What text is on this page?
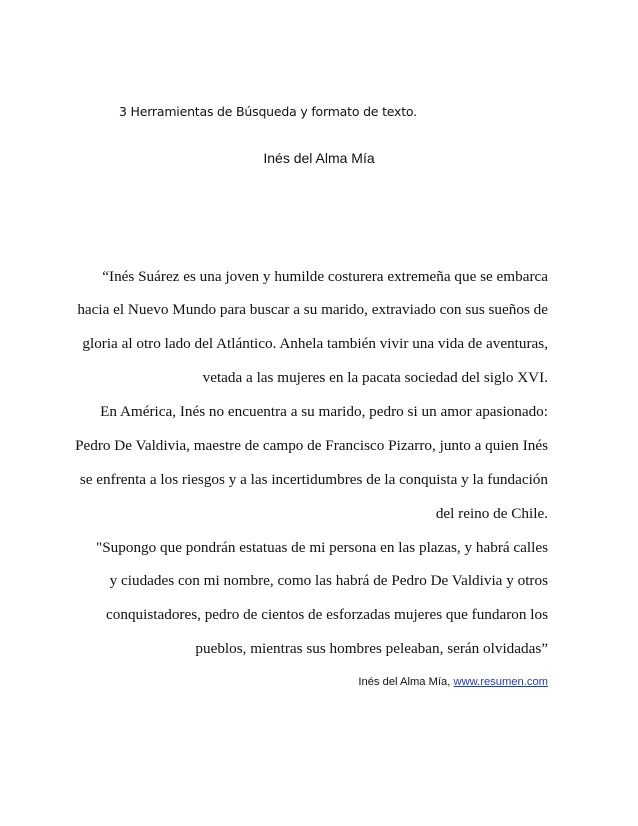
3 Herramientas de Búsqueda y formato de texto.
Inés del Alma Mía
“Inés Suárez es una joven y humilde costurera extremeña que se embarca
hacia el Nuevo Mundo para buscar a su marido, extraviado con sus sueños de
gloria al otro lado del Atlántico. Anhela también vivir una vida de aventuras,
vetada a las mujeres en la pacata sociedad del siglo XVI.
En América, Inés no encuentra a su marido, pedro si un amor apasionado:
Pedro De Valdivia, maestre de campo de Francisco Pizarro, junto a quien Inés
se enfrenta a los riesgos y a las incertidumbres de la conquista y la fundación
del reino de Chile.
"Supongo que pondrán estatuas de mi persona en las plazas, y habrá calles
y ciudades con mi nombre, como las habrá de Pedro De Valdivia y otros
conquistadores, pedro de cientos de esforzadas mujeres que fundaron los
pueblos, mientras sus hombres peleaban, serán olvidadas”
Inés del Alma Mía, www.resumen.com
